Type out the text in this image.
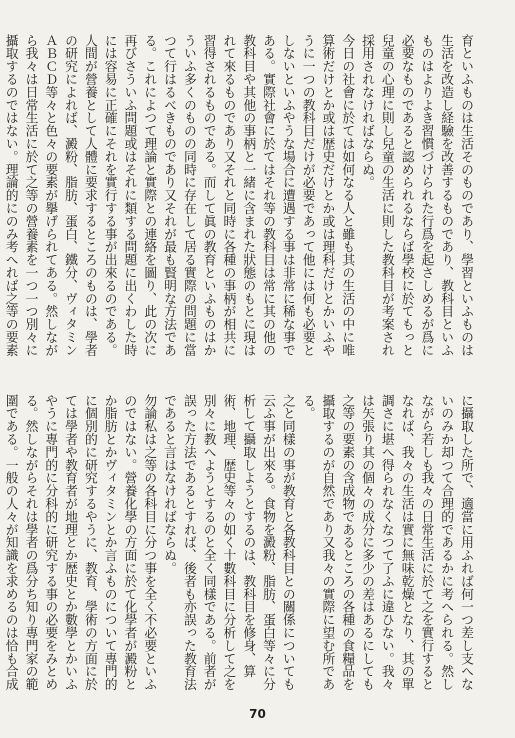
育といふものは生活そのものであり、學習といふものは生活を改造し経驗を改善するものであり、教科目といふものはよりよき習慣づけられた行爲を起さしめるが爲に必要なものであると認められるならば學校に於てもっと兒童の心理に則し兒童の生活に則した教科目が考案され採用されなければならぬ。

今日の社會に於ては如何なる人と雖も其の生活の中に唯算術だけとか或は歴史だけとか或は理科だけとかいふやうに一つの教科目だけが必要であって他には何も必要としないといふやうな場合に遭遇する事は非常に稀な事である。實際社會に於てはそれ等の教科目は常に其の他の教科目や其他の事柄と一緒に含まれた狀態のもとに現はれて來るものであり又それと同時に各種の事柄が相共に習得されるものである。而して眞の教育といふものはかういふ多くのものの同時に存在して居る實際の問題に當つて行はるべきものであり又それが最も賢明な方法である。これによつて理論と實際との連絡を圖り、此の次に再びさういふ問題或はそれに類する問題に出くわした時には容易に正確にそれを實行する事が出來るのである。

人間が營養として人體に要求するところのものは、學者の研究によれば、澱粉、脂肪、蛋白、鐵分、ヴィタミンＡＢＣＤ等々と色々の要素が擧げられてある。然しながら我々は日常生活に於て之等の營養素を一つ一つ別々に攝取するのではない。理論的にのみ考へれば之等の要素

に攝取した所で、適當に用ふれば何一つ差し支へないのみか却つて合理的であるかに考へられる。然しながら若しも我々の日常生活に於て之を實行するとなれば、我々の生活は實に無味乾燥となり、其の單調さに堪へ得られなくなつて了ふに違ひない。我々は矢張り其の個々の成分に多少の差はあるにしても之等の要素の含成物であるところの各種の食糧品を攝取するのが自然であり又我々の實際に望む所である。

之と同樣の事が教育と各教科目との關係についても云ふ事が出來る。食物を澱粉、脂肪、蛋白等々に分析して攝取しようとするのは、教科目を修身、算術、地理、歴史等々の如く十數科目に分析して之を別々に教へようとするのと全く同樣である。前者が誤った方法であるとすれば、後者も亦誤った教育法であると言はなければならぬ。

勿論私は之等の各科目に分つ事を全く不必要といふのではない。營養化學の方面に於て化學者が澱粉とか脂肪とかヴィタミンとか言ふものについて專門的に個別的に研究するやうに、教育、學術の方面に於ては學者や教育者が地理とか歴史とか數學とかいふやうに專門的に分科的に研究する事の必要をみとめる。然しながらそれは學者の爲分ち知り專門家の範圍である。一般の人々が知識を求めるのは恰も合成

70
